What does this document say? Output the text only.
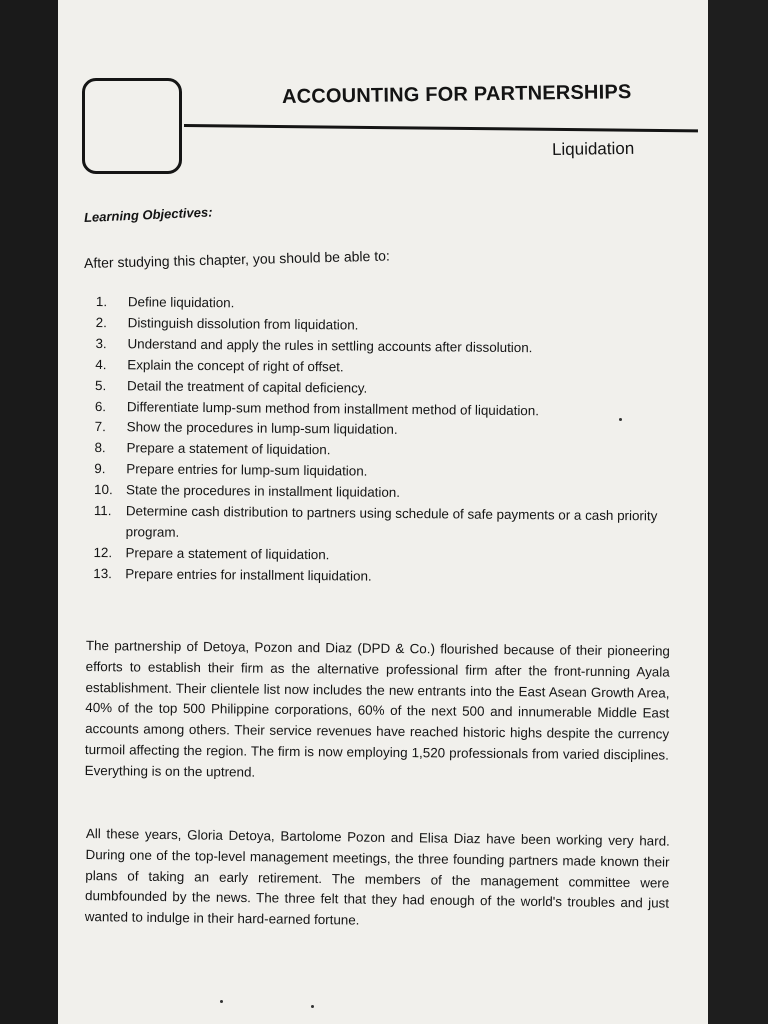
ACCOUNTING FOR PARTNERSHIPS
Liquidation
Learning Objectives:
After studying this chapter, you should be able to:
1.	Define liquidation.
2.	Distinguish dissolution from liquidation.
3.	Understand and apply the rules in settling accounts after dissolution.
4.	Explain the concept of right of offset.
5.	Detail the treatment of capital deficiency.
6.	Differentiate lump-sum method from installment method of liquidation.
7.	Show the procedures in lump-sum liquidation.
8.	Prepare a statement of liquidation.
9.	Prepare entries for lump-sum liquidation.
10. State the procedures in installment liquidation.
11.	Determine cash distribution to partners using schedule of safe payments or a cash priority program.
12. Prepare a statement of liquidation.
13. Prepare entries for installment liquidation.

The partnership of Detoya, Pozon and Diaz (DPD & Co.) flourished because of their pioneering efforts to establish their firm as the alternative professional firm after the front-running Ayala establishment. Their clientele list now includes the new entrants into the East Asean Growth Area, 40% of the top 500 Philippine corporations, 60% of the next 500 and innumerable Middle East accounts among others. Their service revenues have reached historic highs despite the currency turmoil affecting the region. The firm is now employing 1,520 professionals from varied disciplines. Everything is on the uptrend.

All these years, Gloria Detoya, Bartolome Pozon and Elisa Diaz have been working very hard. During one of the top-level management meetings, the three founding partners made known their plans of taking an early retirement. The members of the management committee were dumbfounded by the news. The three felt that they had enough of the world's troubles and just wanted to indulge in their hard-earned fortune.
